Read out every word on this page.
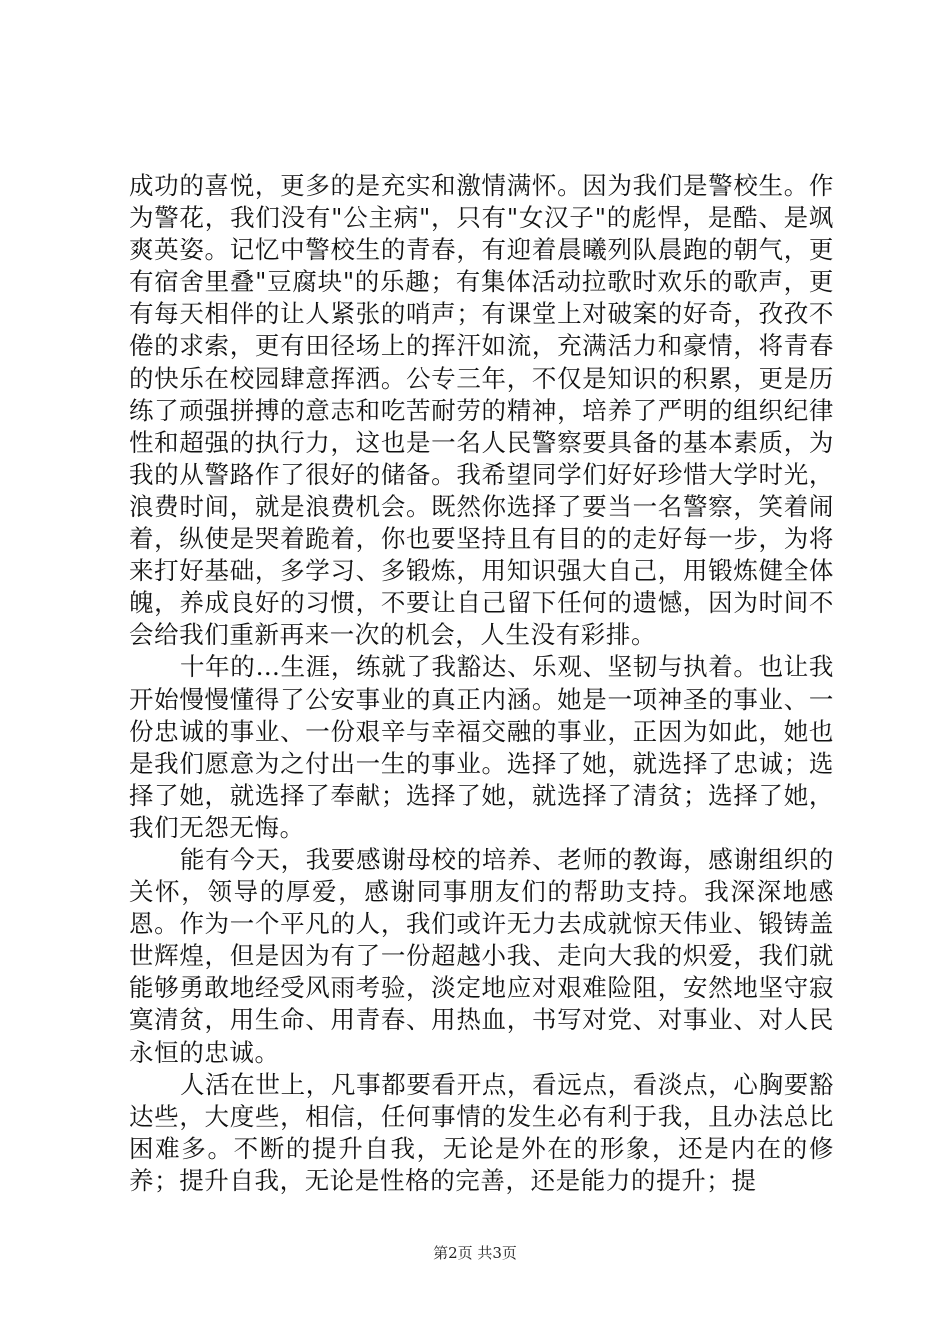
成功的喜悦，更多的是充实和激情满怀。因为我们是警校生。作为警花，我们没有"公主病"，只有"女汉子"的彪悍，是酷、是飒爽英姿。记忆中警校生的青春，有迎着晨曦列队晨跑的朝气，更有宿舍里叠"豆腐块"的乐趣；有集体活动拉歌时欢乐的歌声，更有每天相伴的让人紧张的哨声；有课堂上对破案的好奇，孜孜不倦的求索，更有田径场上的挥汗如流，充满活力和豪情，将青春的快乐在校园肆意挥洒。公专三年，不仅是知识的积累，更是历练了顽强拼搏的意志和吃苦耐劳的精神，培养了严明的组织纪律性和超强的执行力，这也是一名人民警察要具备的基本素质，为我的从警路作了很好的储备。我希望同学们好好珍惜大学时光，浪费时间，就是浪费机会。既然你选择了要当一名警察，笑着闹着，纵使是哭着跪着，你也要坚持且有目的的走好每一步，为将来打好基础，多学习、多锻炼，用知识强大自己，用锻炼健全体魄，养成良好的习惯，不要让自己留下任何的遗憾，因为时间不会给我们重新再来一次的机会，人生没有彩排。

十年的…生涯，练就了我豁达、乐观、坚韧与执着。也让我开始慢慢懂得了公安事业的真正内涵。她是一项神圣的事业、一份忠诚的事业、一份艰辛与幸福交融的事业，正因为如此，她也是我们愿意为之付出一生的事业。选择了她，就选择了忠诚；选择了她，就选择了奉献；选择了她，就选择了清贫；选择了她，我们无怨无悔。

能有今天，我要感谢母校的培养、老师的教诲，感谢组织的关怀，领导的厚爱，感谢同事朋友们的帮助支持。我深深地感恩。作为一个平凡的人，我们或许无力去成就惊天伟业、锻铸盖世辉煌，但是因为有了一份超越小我、走向大我的炽爱，我们就能够勇敢地经受风雨考验，淡定地应对艰难险阻，安然地坚守寂寞清贫，用生命、用青春、用热血，书写对党、对事业、对人民永恒的忠诚。

人活在世上，凡事都要看开点，看远点，看淡点，心胸要豁达些，大度些，相信，任何事情的发生必有利于我，且办法总比困难多。不断的提升自我，无论是外在的形象，还是内在的修养；提升自我，无论是性格的完善，还是能力的提升；提

第2页 共3页
